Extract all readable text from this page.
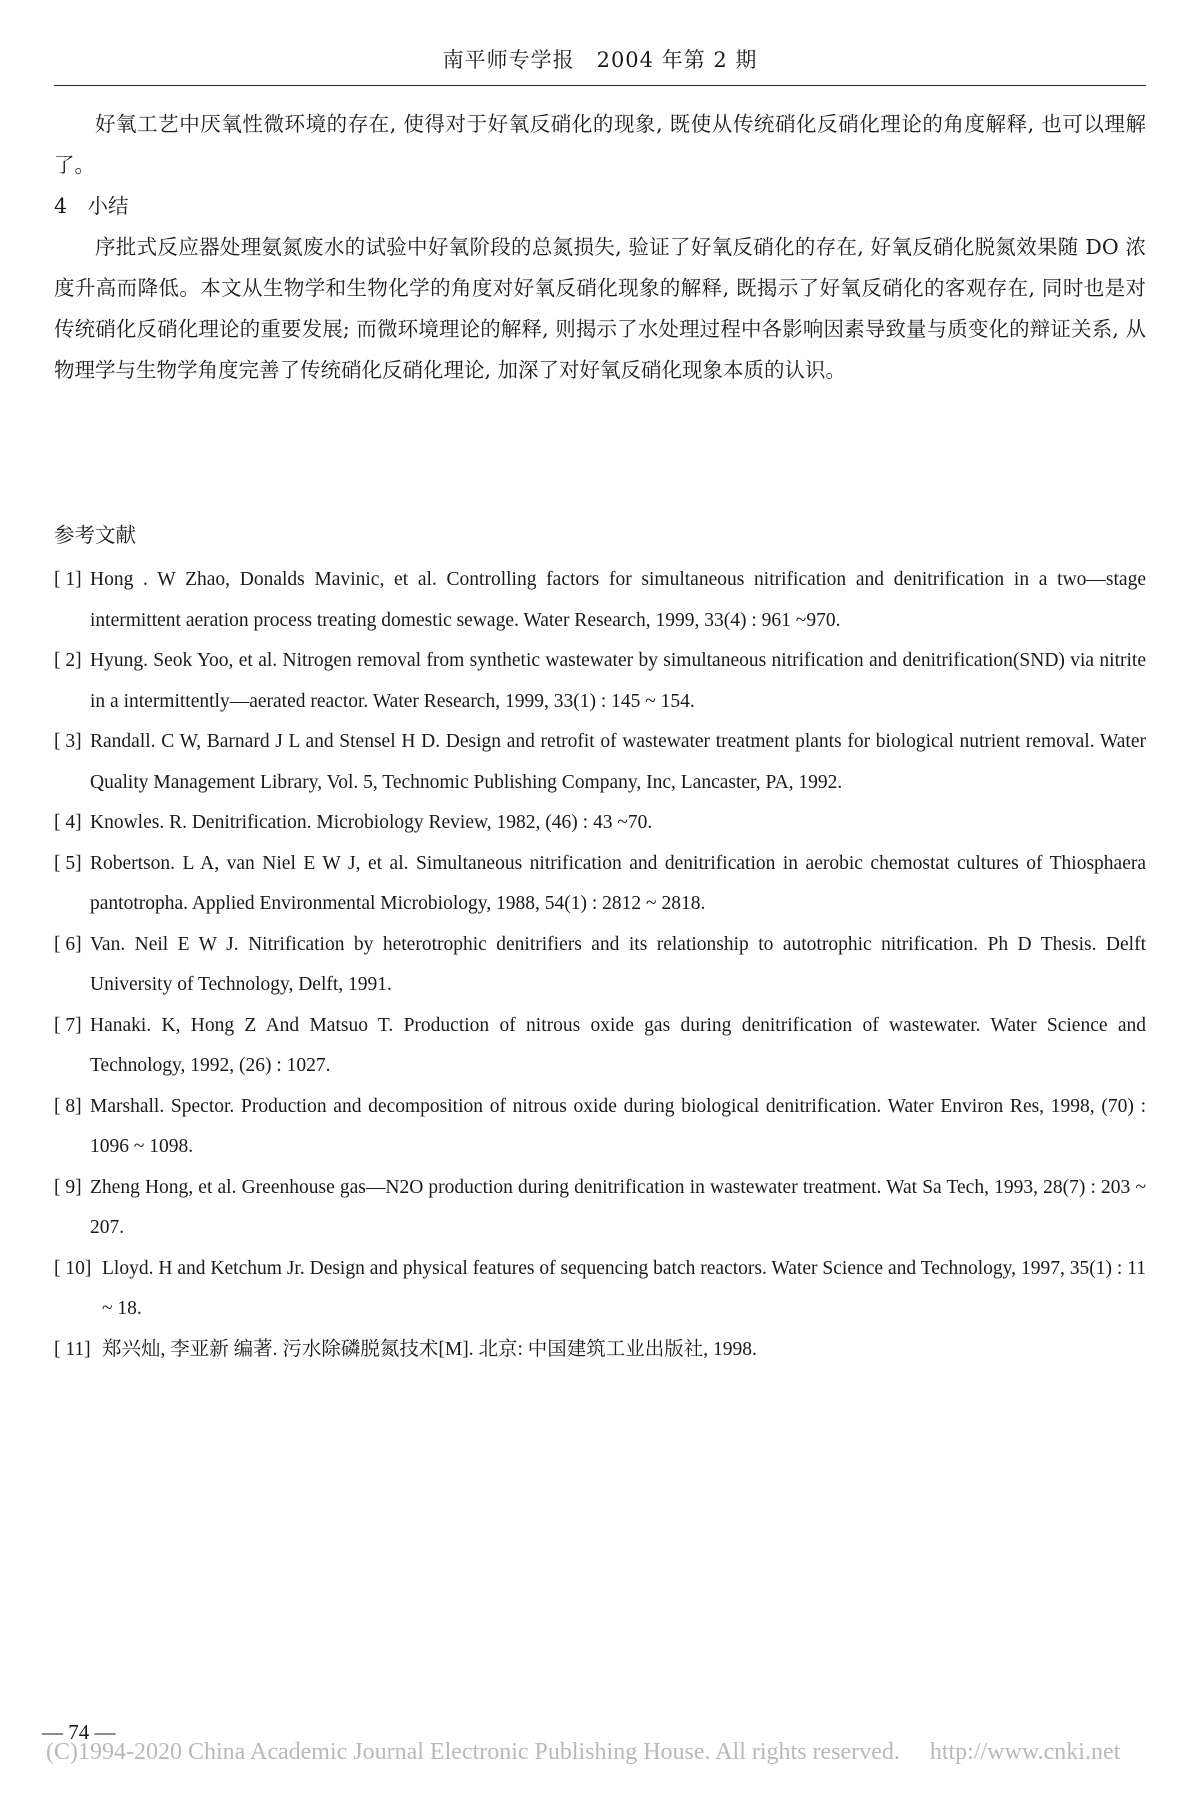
南平师专学报　2004 年第 2 期

好氧工艺中厌氧性微环境的存在, 使得对于好氧反硝化的现象, 既使从传统硝化反硝化理论的角度解释, 也可以理解了。

4　小结

序批式反应器处理氨氮废水的试验中好氧阶段的总氮损失, 验证了好氧反硝化的存在, 好氧反硝化脱氮效果随 DO 浓度升高而降低。本文从生物学和生物化学的角度对好氧反硝化现象的解释, 既揭示了好氧反硝化的客观存在, 同时也是对传统硝化反硝化理论的重要发展; 而微环境理论的解释, 则揭示了水处理过程中各影响因素导致量与质变化的辩证关系, 从物理学与生物学角度完善了传统硝化反硝化理论, 加深了对好氧反硝化现象本质的认识。

参考文献
[ 1] Hong . W Zhao, Donalds Mavinic, et al. Controlling factors for simultaneous nitrification and denitrification in a two—stage intermittent aeration process treating domestic sewage. Water Research, 1999, 33(4) : 961 ~970.
[ 2] Hyung. Seok Yoo, et al. Nitrogen removal from synthetic wastewater by simultaneous nitrification and denitrification(SND) via nitrite in a intermittently—aerated reactor. Water Research, 1999, 33(1) : 145 ~ 154.
[ 3] Randall. C W, Barnard J L and Stensel H D. Design and retrofit of wastewater treatment plants for biological nutrient removal. Water Quality Management Library, Vol. 5, Technomic Publishing Company, Inc, Lancaster, PA, 1992.
[ 4] Knowles. R. Denitrification. Microbiology Review, 1982, (46) : 43 ~70.
[ 5] Robertson. L A, van Niel E W J, et al. Simultaneous nitrification and denitrification in aerobic chemostat cultures of Thiosphaera pantotropha. Applied Environmental Microbiology, 1988, 54(1) : 2812 ~ 2818.
[ 6] Van. Neil E W J. Nitrification by heterotrophic denitrifiers and its relationship to autotrophic nitrification. Ph D Thesis. Delft University of Technology, Delft, 1991.
[ 7] Hanaki. K, Hong Z And Matsuo T. Production of nitrous oxide gas during denitrification of wastewater. Water Science and Technology, 1992, (26) : 1027.
[ 8] Marshall. Spector. Production and decomposition of nitrous oxide during biological denitrification. Water Environ Res, 1998, (70) : 1096 ~ 1098.
[ 9] Zheng Hong, et al. Greenhouse gas—N2O production during denitrification in wastewater treatment. Wat Sa Tech, 1993, 28(7) : 203 ~ 207.
[ 10] Lloyd. H and Ketchum Jr. Design and physical features of sequencing batch reactors. Water Science and Technology, 1997, 35(1) : 11 ~ 18.
[ 11] 郑兴灿, 李亚新 编著. 污水除磷脱氮技术[M]. 北京: 中国建筑工业出版社, 1998.
— 74 —
(C)1994-2020 China Academic Journal Electronic Publishing House. All rights reserved. http://www.cnki.net
